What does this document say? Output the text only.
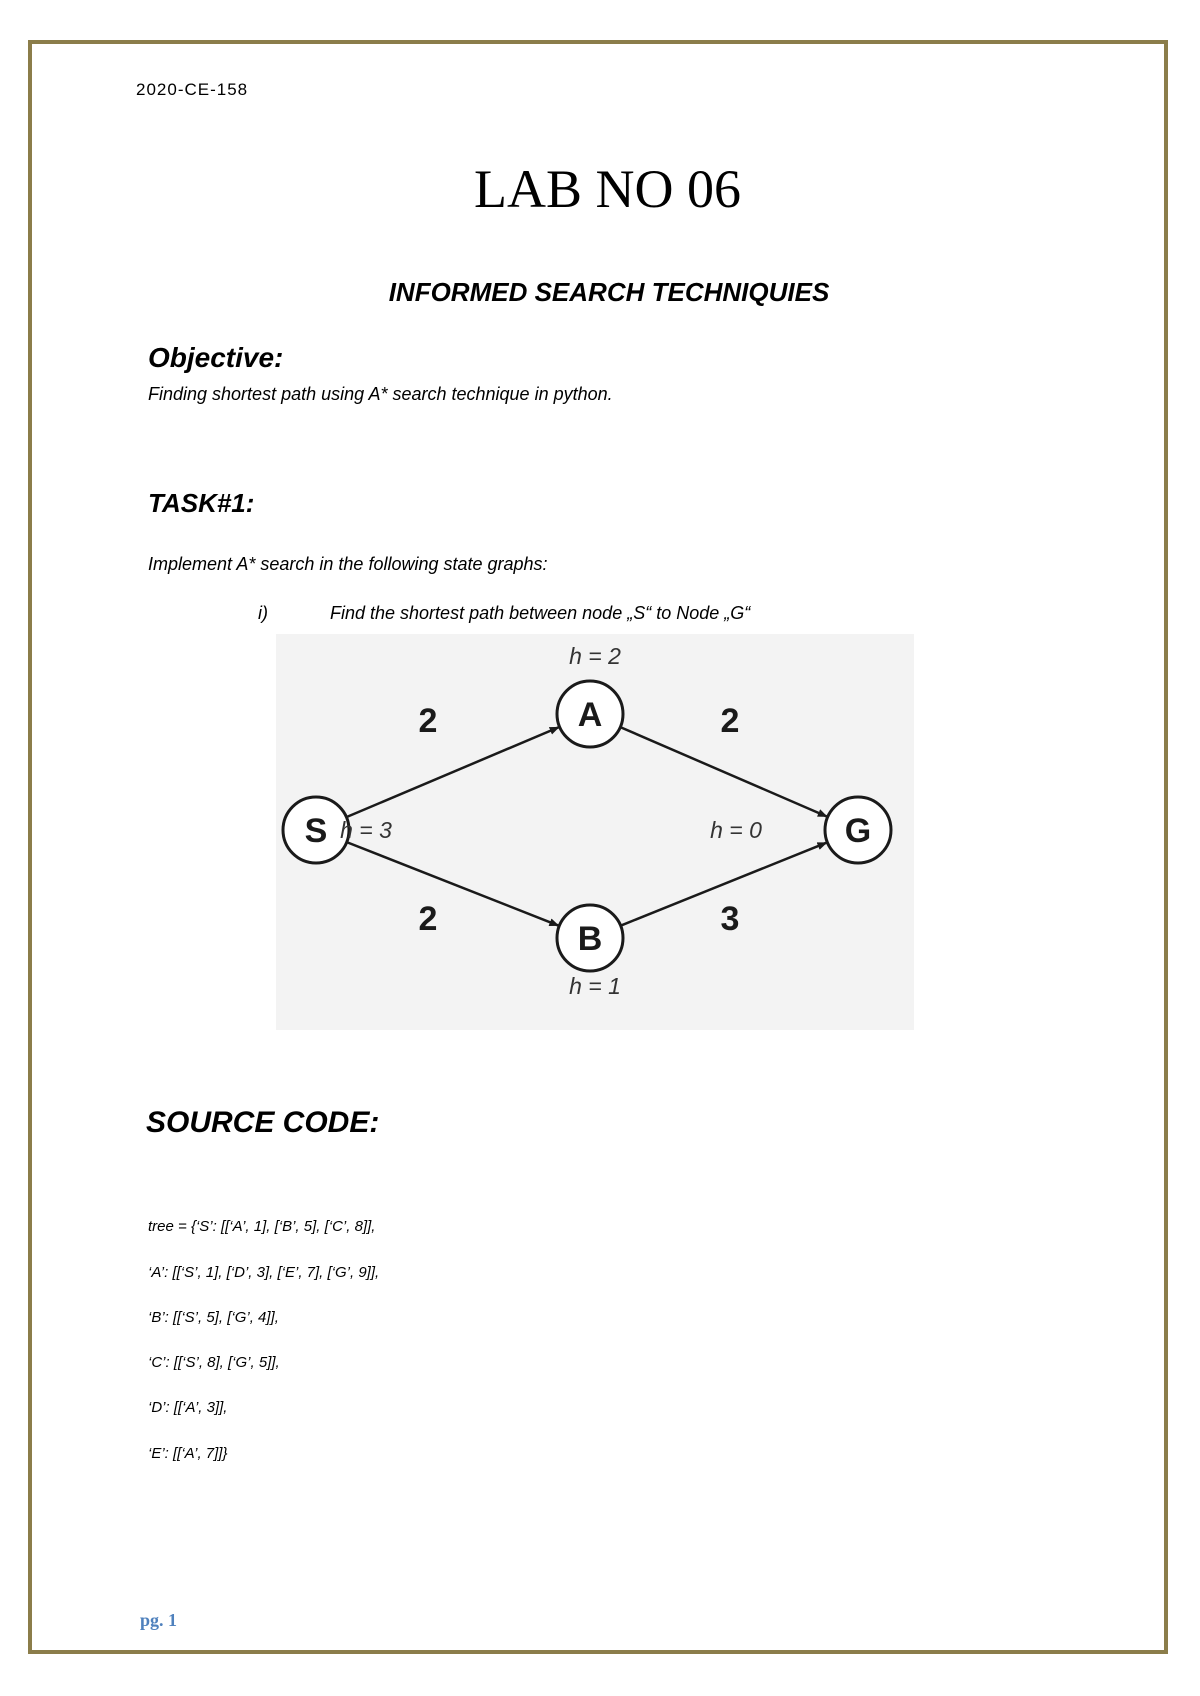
2020-CE-158
LAB NO 06
INFORMED SEARCH TECHNIQUIES
Objective:
Finding shortest path using A* search technique in python.
TASK#1:
Implement A* search in the following state graphs:
i)	Find the shortest path between node „S“ to Node „G“
S
A
B
G
2	2
2	3
h = 3
h = 2
h = 1
h = 0
SOURCE CODE:
tree = {‘S’: [[‘A’, 1], [‘B’, 5], [‘C’, 8]],
‘A’: [[‘S’, 1], [‘D’, 3], [‘E’, 7], [‘G’, 9]],
‘B’: [[‘S’, 5], [‘G’, 4]],
‘C’: [[‘S’, 8], [‘G’, 5]],
‘D’: [[‘A’, 3]],
‘E’: [[‘A’, 7]]}
pg. 1
